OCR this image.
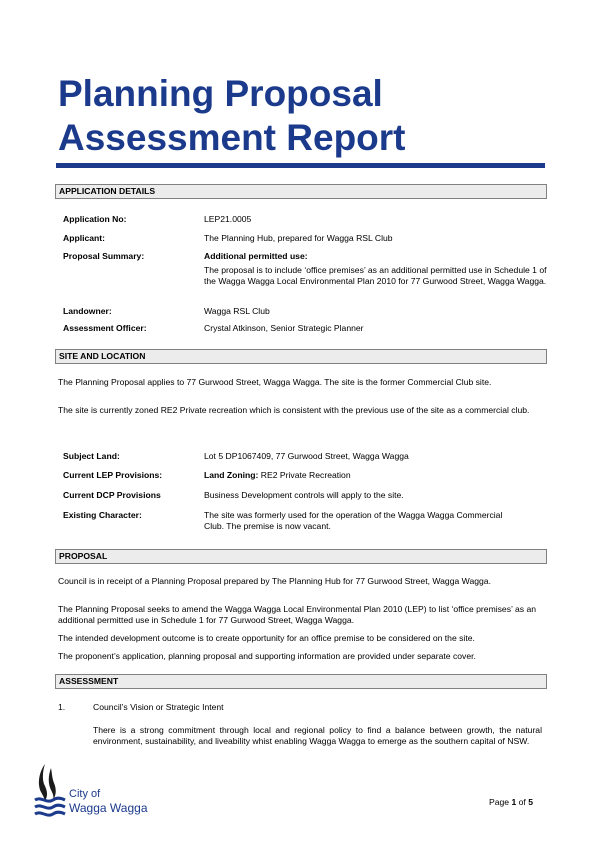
Planning Proposal
Assessment Report
APPLICATION DETAILS
Application No:	LEP21.0005
Applicant:	The Planning Hub, prepared for Wagga RSL Club
Proposal Summary:	Additional permitted use:
The proposal is to include ‘office premises’ as an additional permitted use in Schedule 1 of the Wagga Wagga Local Environmental Plan 2010 for 77 Gurwood Street, Wagga Wagga.
Landowner:	Wagga RSL Club
Assessment Officer:	Crystal Atkinson, Senior Strategic Planner
SITE AND LOCATION

The Planning Proposal applies to 77 Gurwood Street, Wagga Wagga. The site is the former Commercial Club site.

The site is currently zoned RE2 Private recreation which is consistent with the previous use of the site as a commercial club.

Subject Land:	Lot 5 DP1067409, 77 Gurwood Street, Wagga Wagga
Current LEP Provisions:	Land Zoning: RE2 Private Recreation
Current DCP Provisions	Business Development controls will apply to the site.
Existing Character:	The site was formerly used for the operation of the Wagga Wagga Commercial Club. The premise is now vacant.
PROPOSAL

Council is in receipt of a Planning Proposal prepared by The Planning Hub for 77 Gurwood Street, Wagga Wagga.

The Planning Proposal seeks to amend the Wagga Wagga Local Environmental Plan 2010 (LEP) to list ‘office premises’ as an additional permitted use in Schedule 1 for 77 Gurwood Street, Wagga Wagga.

The intended development outcome is to create opportunity for an office premise to be considered on the site.

The proponent’s application, planning proposal and supporting information are provided under separate cover.

ASSESSMENT
1.	Council’s Vision or Strategic Intent

There is a strong commitment through local and regional policy to find a balance between growth, the natural environment, sustainability, and liveability whist enabling Wagga Wagga to emerge as the southern capital of NSW.

City of
Wagga Wagga	Page 1 of 5
